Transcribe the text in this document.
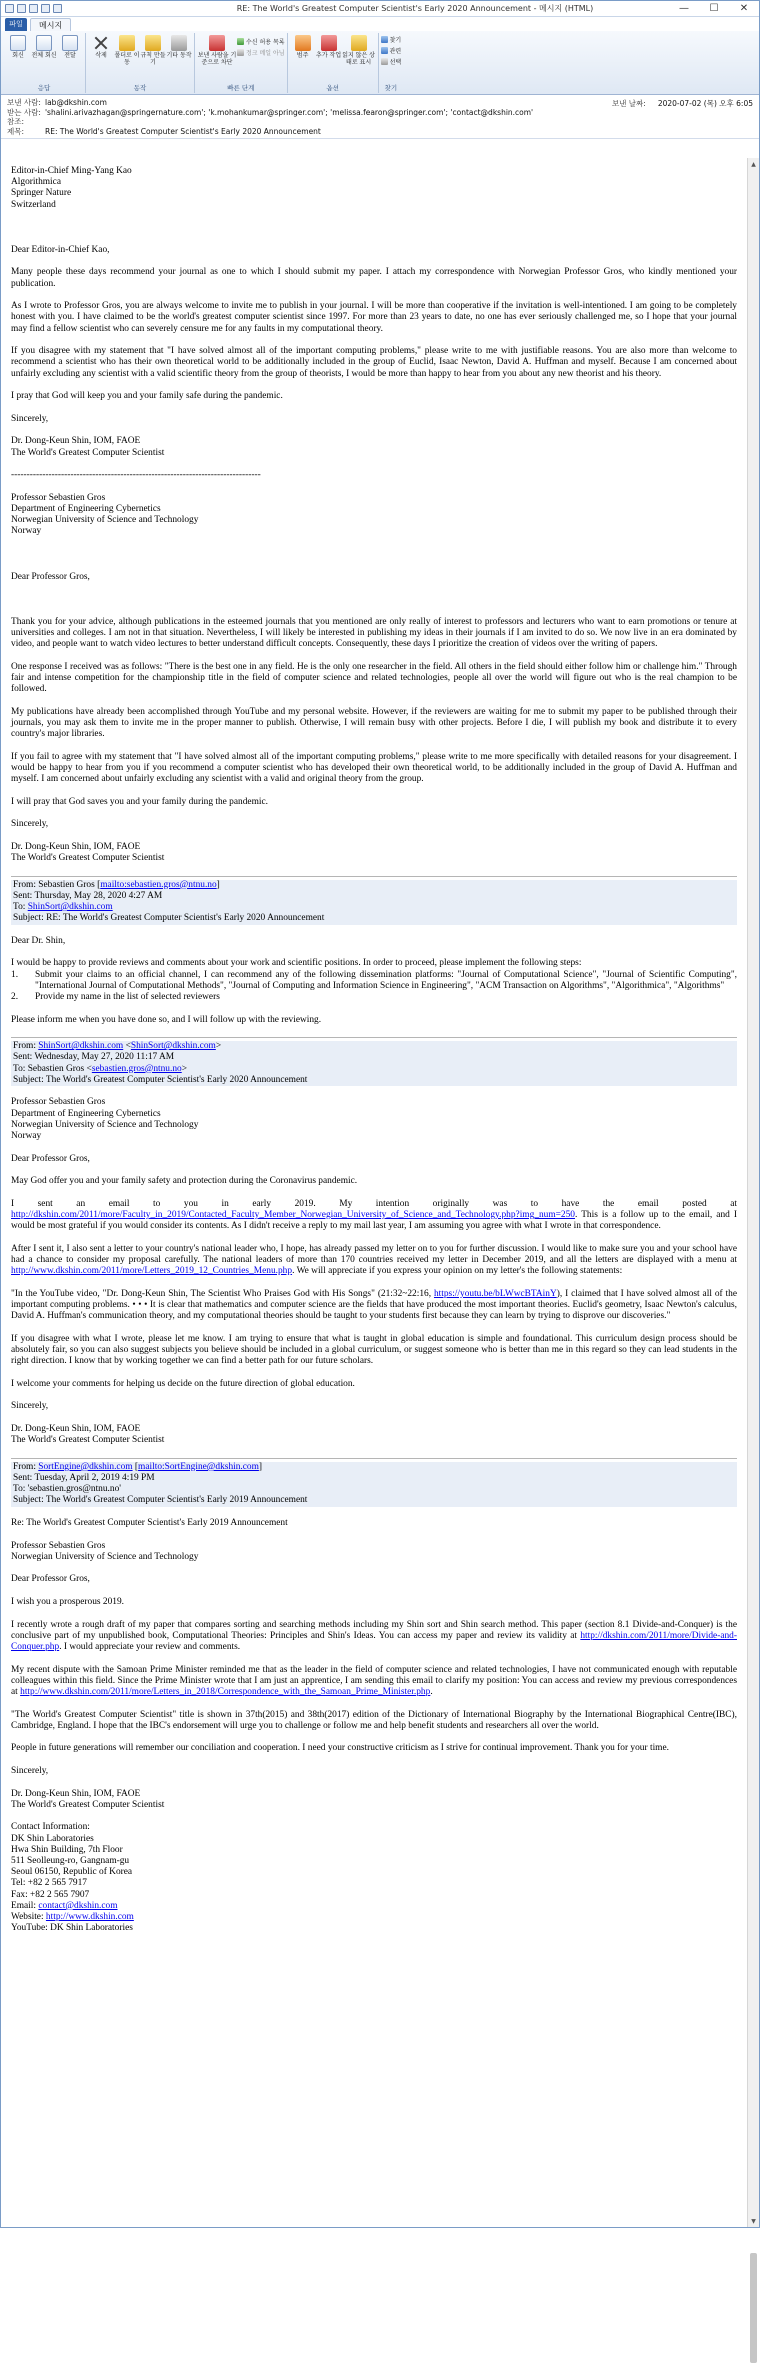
RE: The World's Greatest Computer Scientist's Early 2020 Announcement - 메시지 (HTML)	—	☐	✕
파일	메시지
회신 전체 회신 전달
응답
삭제 폴더로 이동
규칙 만들기
기타 동작
동작
보낸 사람을 기준으로 차단
수신 허용 목록
정크 메일 아님
빠른 단계
범주 추가 작업 읽지 않은 상태로 표시
옵션
찾기
관련
선택
찾기
보낸 사람: lab@dkshin.com
받는 사람: 'shalini.arivazhagan@springernature.com'; 'k.mohankumar@springer.com'; 'melissa.fearon@springer.com'; 'contact@dkshin.com'
참조:
제목:	RE: The World's Greatest Computer Scientist's Early 2020 Announcement
보낸 날짜: 2020-07-02 (목) 오후 6:05
Editor-in-Chief Ming-Yang Kao
Algorithmica
Springer Nature
Switzerland

Dear Editor-in-Chief Kao,

Many people these days recommend your journal as one to which I should submit my paper. I attach my correspondence with Norwegian Professor Gros, who kindly mentioned your publication.

As I wrote to Professor Gros, you are always welcome to invite me to publish in your journal. I will be more than cooperative if the invitation is well-intentioned. I am going to be completely honest with you. I have claimed to be the world's greatest computer scientist since 1997. For more than 23 years to date, no one has ever seriously challenged me, so I hope that your journal may find a fellow scientist who can severely censure me for any faults in my computational theory.

If you disagree with my statement that "I have solved almost all of the important computing problems," please write to me with justifiable reasons. You are also more than welcome to recommend a scientist who has their own theoretical world to be additionally included in the group of Euclid, Isaac Newton, David A. Huffman and myself. Because I am concerned about unfairly excluding any scientist with a valid scientific theory from the group of theorists, I would be more than happy to hear from you about any new theorist and his theory.

I pray that God will keep you and your family safe during the pandemic.

Sincerely,

Dr. Dong-Keun Shin, IOM, FAOE
The World's Greatest Computer Scientist
--------------------------------------------------------------------------------
Professor Sebastien Gros
Department of Engineering Cybernetics
Norwegian University of Science and Technology
Norway

Dear Professor Gros,

Thank you for your advice, although publications in the esteemed journals that you mentioned are only really of interest to professors and lecturers who want to earn promotions or tenure at universities and colleges. I am not in that situation. Nevertheless, I will likely be interested in publishing my ideas in their journals if I am invited to do so. We now live in an era dominated by video, and people want to watch video lectures to better understand difficult concepts. Consequently, these days I prioritize the creation of videos over the writing of papers.

One response I received was as follows: "There is the best one in any field. He is the only one researcher in the field. All others in the field should either follow him or challenge him." Through fair and intense competition for the championship title in the field of computer science and related technologies, people all over the world will figure out who is the real champion to be followed.

My publications have already been accomplished through YouTube and my personal website. However, if the reviewers are waiting for me to submit my paper to be published through their journals, you may ask them to invite me in the proper manner to publish. Otherwise, I will remain busy with other projects. Before I die, I will publish my book and distribute it to every country's major libraries.

If you fail to agree with my statement that "I have solved almost all of the important computing problems," please write to me more specifically with detailed reasons for your disagreement. I would be happy to hear from you if you recommend a computer scientist who has developed their own theoretical world, to be additionally included in the group of David A. Huffman and myself. I am concerned about unfairly excluding any scientist with a valid and original theory from the group.

I will pray that God saves you and your family during the pandemic.

Sincerely,

Dr. Dong-Keun Shin, IOM, FAOE
The World's Greatest Computer Scientist
From: Sebastien Gros [mailto:sebastien.gros@ntnu.no]
Sent: Thursday, May 28, 2020 4:27 AM
To: ShinSort@dkshin.com
Subject: RE: The World's Greatest Computer Scientist's Early 2020 Announcement

Dear Dr. Shin,

I would be happy to provide reviews and comments about your work and scientific positions. In order to proceed, please implement the following steps:

1.	Submit your claims to an official channel, I can recommend any of the following dissemination platforms: "Journal of Computational Science", "Journal of Scientific Computing", "International Journal of Computational Methods", "Journal of Computing and Information Science in Engineering", "ACM Transaction on Algorithms", "Algorithmica", "Algorithms"
2.	Provide my name in the list of selected reviewers

Please inform me when you have done so, and I will follow up with the reviewing.

From: ShinSort@dkshin.com <ShinSort@dkshin.com>
Sent: Wednesday, May 27, 2020 11:17 AM
To: Sebastien Gros <sebastien.gros@ntnu.no>
Subject: The World's Greatest Computer Scientist's Early 2020 Announcement
Professor Sebastien Gros
Department of Engineering Cybernetics
Norwegian University of Science and Technology
Norway

Dear Professor Gros,

May God offer you and your family safety and protection during the Coronavirus pandemic.

I sent an email to you in early 2019. My intention originally was to have the email posted at http://dkshin.com/2011/more/Faculty_in_2019/Contacted_Faculty_Member_Norwegian_University_of_Science_and_Technology.php?img_num=250. This is a follow up to the email, and I would be most grateful if you would consider its contents. As I didn't receive a reply to my mail last year, I am assuming you agree with what I wrote in that correspondence.

After I sent it, I also sent a letter to your country's national leader who, I hope, has already passed my letter on to you for further discussion. I would like to make sure you and your school have had a chance to consider my proposal carefully. The national leaders of more than 170 countries received my letter in December 2019, and all the letters are displayed with a menu at http://www.dkshin.com/2011/more/Letters_2019_12_Countries_Menu.php. We will appreciate if you express your opinion on my letter's the following statements:

"In the YouTube video, "Dr. Dong-Keun Shin, The Scientist Who Praises God with His Songs" (21:32~22:16, https://youtu.be/bLWwcBTAinY), I claimed that I have solved almost all of the important computing problems. • • • It is clear that mathematics and computer science are the fields that have produced the most important theories. Euclid's geometry, Isaac Newton's calculus, David A. Huffman's communication theory, and my computational theories should be taught to your students first because they can learn by trying to disprove our discoveries."

If you disagree with what I wrote, please let me know. I am trying to ensure that what is taught in global education is simple and foundational. This curriculum design process should be absolutely fair, so you can also suggest subjects you believe should be included in a global curriculum, or suggest someone who is better than me in this regard so they can lead students in the right direction. I know that by working together we can find a better path for our future scholars.

I welcome your comments for helping us decide on the future direction of global education.

Sincerely,

Dr. Dong-Keun Shin, IOM, FAOE
The World's Greatest Computer Scientist
From: SortEngine@dkshin.com [mailto:SortEngine@dkshin.com]
Sent: Tuesday, April 2, 2019 4:19 PM
To: 'sebastien.gros@ntnu.no'
Subject: The World's Greatest Computer Scientist's Early 2019 Announcement

Re: The World's Greatest Computer Scientist's Early 2019 Announcement

Professor Sebastien Gros
Norwegian University of Science and Technology

Dear Professor Gros,

I wish you a prosperous 2019.

I recently wrote a rough draft of my paper that compares sorting and searching methods including my Shin sort and Shin search method. This paper (section 8.1 Divide-and-Conquer) is the conclusive part of my unpublished book, Computational Theories: Principles and Shin's Ideas. You can access my paper and review its validity at http://dkshin.com/2011/more/Divide-and-Conquer.php. I would appreciate your review and comments.

My recent dispute with the Samoan Prime Minister reminded me that as the leader in the field of computer science and related technologies, I have not communicated enough with reputable colleagues within this field. Since the Prime Minister wrote that I am just an apprentice, I am sending this email to clarify my position: You can access and review my previous correspondences at http://www.dkshin.com/2011/more/Letters_in_2018/Correspondence_with_the_Samoan_Prime_Minister.php.

"The World's Greatest Computer Scientist" title is shown in 37th(2015) and 38th(2017) edition of the Dictionary of International Biography by the International Biographical Centre(IBC), Cambridge, England. I hope that the IBC's endorsement will urge you to challenge or follow me and help benefit students and researchers all over the world.

People in future generations will remember our conciliation and cooperation. I need your constructive criticism as I strive for continual improvement. Thank you for your time.

Sincerely,

Dr. Dong-Keun Shin, IOM, FAOE
The World's Greatest Computer Scientist
Contact Information:
DK Shin Laboratories
Hwa Shin Building, 7th Floor
511 Seolleung-ro, Gangnam-gu
Seoul 06150, Republic of Korea
Tel: +82 2 565 7917
Fax: +82 2 565 7907
Email: contact@dkshin.com
Website: http://www.dkshin.com
YouTube: DK Shin Laboratories
▲
▼
